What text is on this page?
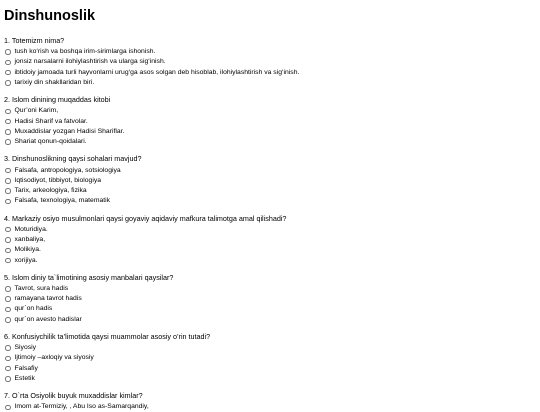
Dinshunoslik
1. Totemizm nima?
tush ko‘rish va boshqa irim-sirimlarga ishonish.
jonsiz narsalarni ilohiylashtirish va ularga sig‘inish.
ibtidoiy jamoada turli hayvonlarni urug‘ga asos solgan deb hisoblab, ilohiylashtirish va sig‘inish.
tarixiy din shakllaridan biri.
2. Islom dinining muqaddas kitobi
Qur’oni Karim,
Hadisi Sharif va fatvolar.
Muxaddislar yozgan Hadisi Shariflar.
Shariat qonun-qoidalari.
3. Dinshunoslikning qaysi sohalari mavjud?
Falsafa, antropologiya, sotsiologiya
Iqtisodiyot, tibbiyot, biologiya
Tarix, arkeologiya, fizika
Falsafa, texnologiya, matematik
4. Markaziy osiyo musulmonlari qaysi goyaviy aqidaviy mafkura talimotga amal qilishadi?
Moturidiya.
xanbaliya,
Molikiya.
xorijiya.
5. Islom diniy ta`limotining asosiy manbalari qaysilar?
Tavrot, sura hadis
ramayana tavrot hadis
qur`on hadis
qur`on avesto hadislar
6. Konfusiychilik ta’limotida qaysi muammolar asosiy o’rin tutadi?
Siyosiy
Ijtimoiy –axloqiy va siyosiy
Falsafiy
Estetik
7. O`rta Osiyolik buyuk muxaddislar kimlar?
Imom at-Termiziy, , Abu Iso as-Samarqandiy,
